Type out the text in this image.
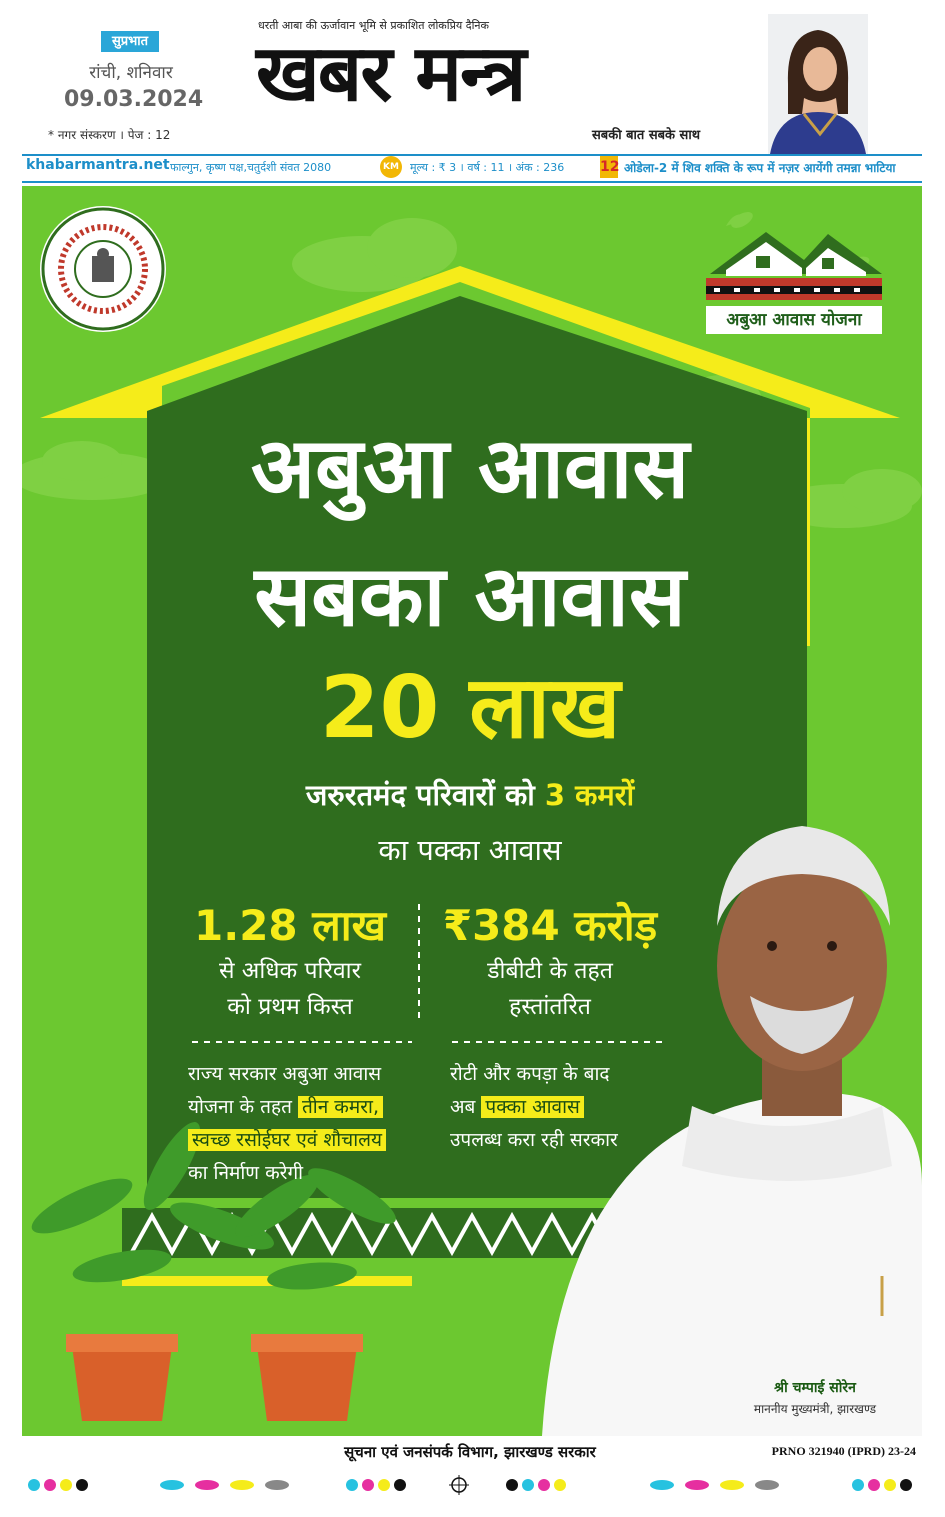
सुप्रभात
रांची, शनिवार
09.03.2024
* नगर संस्करण । पेज : 12
धरती आबा की ऊर्जावान भूमि से प्रकाशित लोकप्रिय दैनिक
खबर मन्त्र
सबकी बात सबके साथ
khabarmantra.net फाल्गुन, कृष्ण पक्ष,चतुर्दशी संवत 2080	KM मूल्य : ₹ 3 । वर्ष : 11 । अंक : 236	12 ओडेला-2 में शिव शक्ति के रूप में नज़र आयेंगी तमन्ना भाटिया
अबुआ आवास योजना
अबुआ आवास
सबका आवास
20 लाख
जरुरतमंद परिवारों को 3 कमरों
का पक्का आवास
1.28 लाख
से अधिक परिवार
को प्रथम किस्त
₹384 करोड़
डीबीटी के तहत
हस्तांतरित
राज्य सरकार अबुआ आवास
योजना के तहत तीन कमरा,
स्वच्छ रसोईघर एवं शौचालय
का निर्माण करेगी
रोटी और कपड़ा के बाद
अब पक्का आवास
उपलब्ध करा रही सरकार
श्री चम्पाई सोरेन
माननीय मुख्यमंत्री, झारखण्ड
सूचना एवं जनसंपर्क विभाग, झारखण्ड सरकार	PRNO 321940 (IPRD) 23-24
